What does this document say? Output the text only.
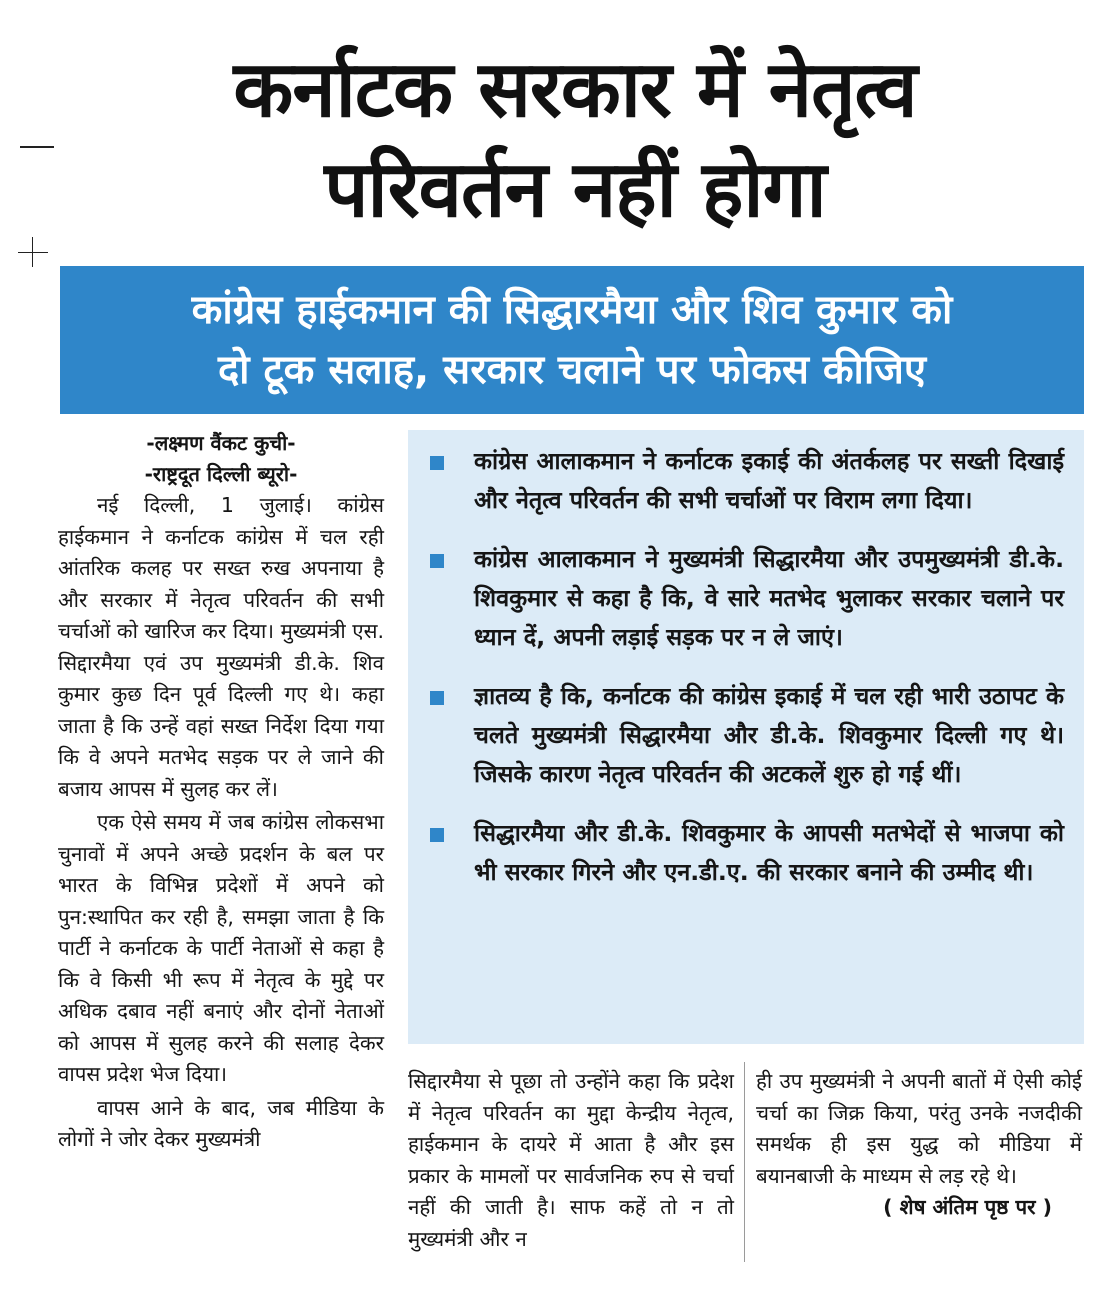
कर्नाटक सरकार में नेतृत्व
परिवर्तन नहीं होगा
कांग्रेस हाईकमान की सिद्धारमैया और शिव कुमार को
दो टूक सलाह, सरकार चलाने पर फोकस कीजिए
-लक्ष्मण वैंकट कुची-
-राष्ट्रदूत दिल्ली ब्यूरो-

नई दिल्ली, 1 जुलाई। कांग्रेस हाईकमान ने कर्नाटक कांग्रेस में चल रही आंतरिक कलह पर सख्त रुख अपनाया है और सरकार में नेतृत्व परिवर्तन की सभी चर्चाओं को खारिज कर दिया। मुख्यमंत्री एस. सिद्दारमैया एवं उप मुख्यमंत्री डी.के. शिव कुमार कुछ दिन पूर्व दिल्ली गए थे। कहा जाता है कि उन्हें वहां सख्त निर्देश दिया गया कि वे अपने मतभेद सड़क पर ले जाने की बजाय आपस में सुलह कर लें।

एक ऐसे समय में जब कांग्रेस लोकसभा चुनावों में अपने अच्छे प्रदर्शन के बल पर भारत के विभिन्न प्रदेशों में अपने को पुन:स्थापित कर रही है, समझा जाता है कि पार्टी ने कर्नाटक के पार्टी नेताओं से कहा है कि वे किसी भी रूप में नेतृत्व के मुद्दे पर अधिक दबाव नहीं बनाएं और दोनों नेताओं को आपस में सुलह करने की सलाह देकर वापस प्रदेश भेज दिया।

वापस आने के बाद, जब मीडिया के लोगों ने जोर देकर मुख्यमंत्री

कांग्रेस आलाकमान ने कर्नाटक इकाई की अंतर्कलह पर सख्ती दिखाई और नेतृत्व परिवर्तन की सभी चर्चाओं पर विराम लगा दिया।
कांग्रेस आलाकमान ने मुख्यमंत्री सिद्धारमैया और उपमुख्यमंत्री डी.के. शिवकुमार से कहा है कि, वे सारे मतभेद भुलाकर सरकार चलाने पर ध्यान दें, अपनी लड़ाई सड़क पर न ले जाएं।
ज्ञातव्य है कि, कर्नाटक की कांग्रेस इकाई में चल रही भारी उठापट के चलते मुख्यमंत्री सिद्धारमैया और डी.के. शिवकुमार दिल्ली गए थे। जिसके कारण नेतृत्व परिवर्तन की अटकलें शुरु हो गई थीं।
सिद्धारमैया और डी.के. शिवकुमार के आपसी मतभेदों से भाजपा को भी सरकार गिरने और एन.डी.ए. की सरकार बनाने की उम्मीद थी।

सिद्दारमैया से पूछा तो उन्होंने कहा कि प्रदेश में नेतृत्व परिवर्तन का मुद्दा केन्द्रीय नेतृत्व, हाईकमान के दायरे में आता है और इस प्रकार के मामलों पर सार्वजनिक रुप से चर्चा नहीं की जाती है। साफ कहें तो न तो मुख्यमंत्री और न

ही उप मुख्यमंत्री ने अपनी बातों में ऐसी कोई चर्चा का जिक्र किया, परंतु उनके नजदीकी समर्थक ही इस युद्ध को मीडिया में बयानबाजी के माध्यम से लड़ रहे थे।

( शेष अंतिम पृष्ठ पर )
